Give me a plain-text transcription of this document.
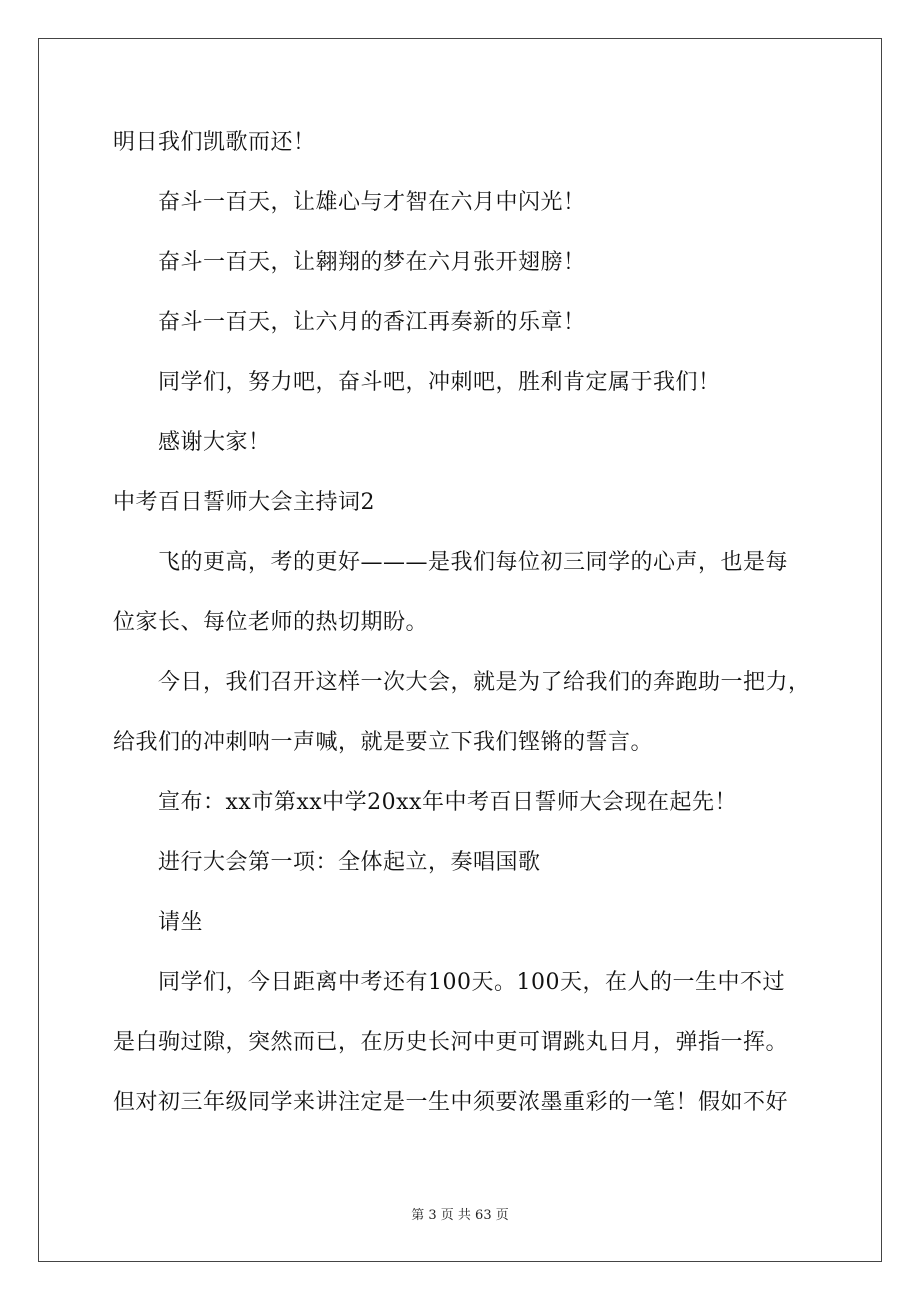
明日我们凯歌而还！
奋斗一百天，让雄心与才智在六月中闪光！
奋斗一百天，让翱翔的梦在六月张开翅膀！
奋斗一百天，让六月的香江再奏新的乐章！
同学们，努力吧，奋斗吧，冲刺吧，胜利肯定属于我们！
感谢大家！
中考百日誓师大会主持词2
飞的更高，考的更好———是我们每位初三同学的心声，也是每
位家长、每位老师的热切期盼。
今日，我们召开这样一次大会，就是为了给我们的奔跑助一把力，
给我们的冲刺呐一声喊，就是要立下我们铿锵的誓言。
宣布：xx市第xx中学20xx年中考百日誓师大会现在起先！
进行大会第一项：全体起立，奏唱国歌
请坐
同学们，今日距离中考还有100天。100天，在人的一生中不过
是白驹过隙，突然而已，在历史长河中更可谓跳丸日月，弹指一挥。
但对初三年级同学来讲注定是一生中须要浓墨重彩的一笔！假如不好
第 3 页 共 63 页
